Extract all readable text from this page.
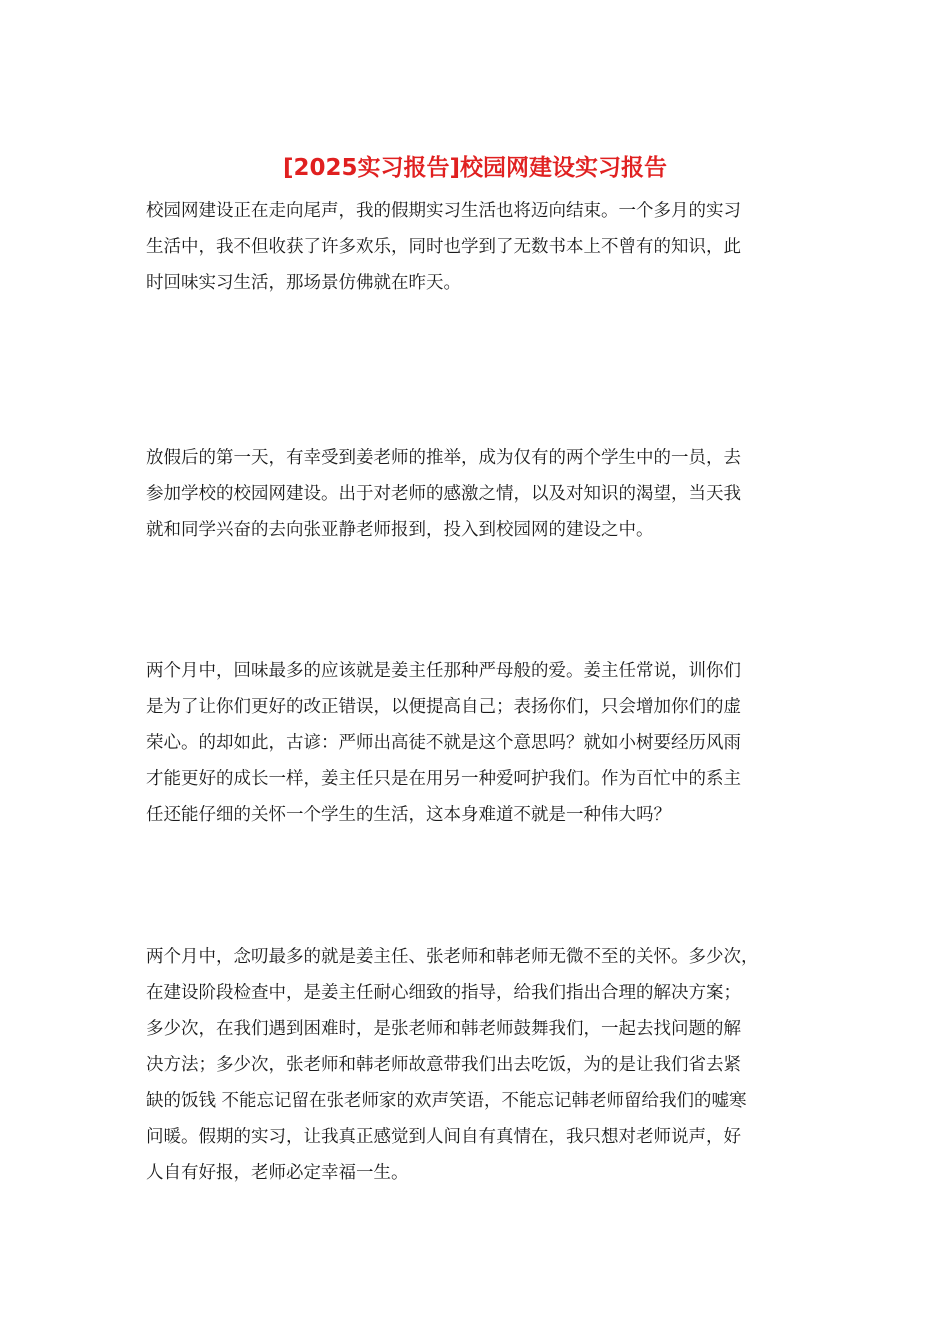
[2025实习报告]校园网建设实习报告

校园网建设正在走向尾声，我的假期实习生活也将迈向结束。一个多月的实习

生活中，我不但收获了许多欢乐，同时也学到了无数书本上不曾有的知识，此

时回味实习生活，那场景仿佛就在昨天。

放假后的第一天，有幸受到姜老师的推举，成为仅有的两个学生中的一员，去

参加学校的校园网建设。出于对老师的感激之情，以及对知识的渴望，当天我

就和同学兴奋的去向张亚静老师报到，投入到校园网的建设之中。

两个月中，回味最多的应该就是姜主任那种严母般的爱。姜主任常说，训你们

是为了让你们更好的改正错误，以便提高自己；表扬你们，只会增加你们的虚

荣心。的却如此，古谚：严师出高徒不就是这个意思吗？就如小树要经历风雨

才能更好的成长一样，姜主任只是在用另一种爱呵护我们。作为百忙中的系主

任还能仔细的关怀一个学生的生活，这本身难道不就是一种伟大吗？

两个月中，念叨最多的就是姜主任、张老师和韩老师无微不至的关怀。多少次，

在建设阶段检查中，是姜主任耐心细致的指导，给我们指出合理的解决方案；

多少次，在我们遇到困难时，是张老师和韩老师鼓舞我们，一起去找问题的解

决方法；多少次，张老师和韩老师故意带我们出去吃饭，为的是让我们省去紧

缺的饭钱 不能忘记留在张老师家的欢声笑语，不能忘记韩老师留给我们的嘘寒

问暖。假期的实习，让我真正感觉到人间自有真情在，我只想对老师说声，好

人自有好报，老师必定幸福一生。
